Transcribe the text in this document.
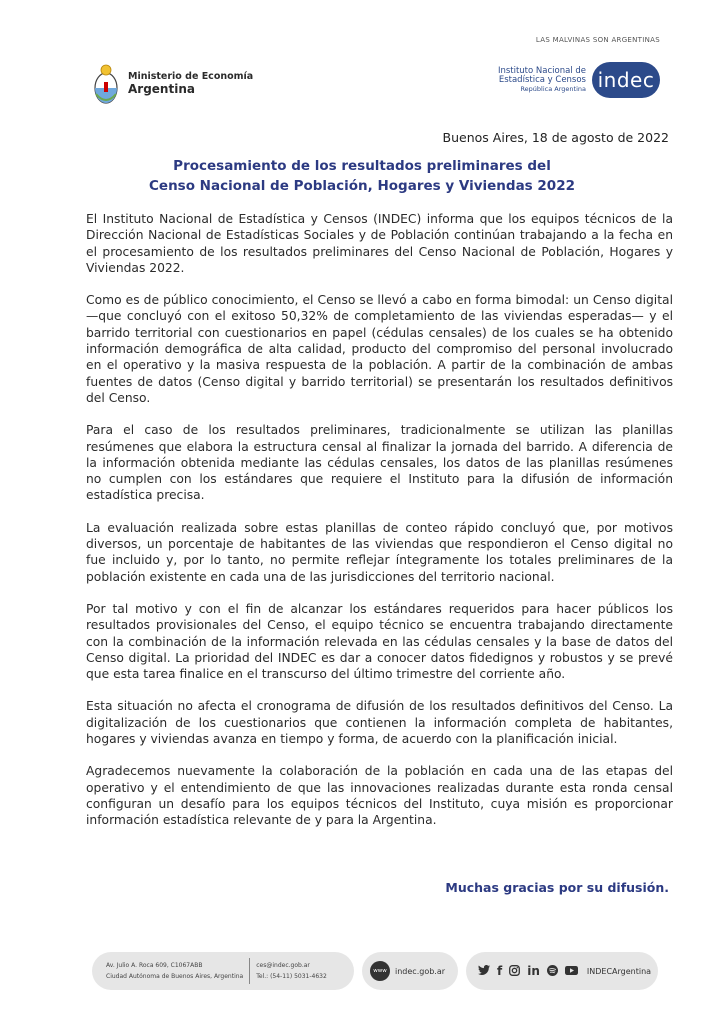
LAS MALVINAS SON ARGENTINAS
Ministerio de Economía
Argentina
Instituto Nacional de
Estadística y Censos
República Argentina indec
Buenos Aires, 18 de agosto de 2022
Procesamiento de los resultados preliminares del
Censo Nacional de Población, Hogares y Viviendas 2022

El Instituto Nacional de Estadística y Censos (INDEC) informa que los equipos técnicos de la Dirección Nacional de Estadísticas Sociales y de Población continúan trabajando a la fecha en el procesamiento de los resultados preliminares del Censo Nacional de Población, Hogares y Viviendas 2022.

Como es de público conocimiento, el Censo se llevó a cabo en forma bimodal: un Censo digital —que concluyó con el exitoso 50,32% de completamiento de las viviendas esperadas— y el barrido territorial con cuestionarios en papel (cédulas censales) de los cuales se ha obtenido información demográfica de alta calidad, producto del compromiso del personal involucrado en el operativo y la masiva respuesta de la población. A partir de la combinación de ambas fuentes de datos (Censo digital y barrido territorial) se presentarán los resultados definitivos del Censo.

Para el caso de los resultados preliminares, tradicionalmente se utilizan las planillas resúmenes que elabora la estructura censal al finalizar la jornada del barrido. A diferencia de la información obtenida mediante las cédulas censales, los datos de las planillas resúmenes no cumplen con los estándares que requiere el Instituto para la difusión de información estadística precisa.

La evaluación realizada sobre estas planillas de conteo rápido concluyó que, por motivos diversos, un porcentaje de habitantes de las viviendas que respondieron el Censo digital no fue incluido y, por lo tanto, no permite reflejar íntegramente los totales preliminares de la población existente en cada una de las jurisdicciones del territorio nacional.

Por tal motivo y con el fin de alcanzar los estándares requeridos para hacer públicos los resultados provisionales del Censo, el equipo técnico se encuentra trabajando directamente con la combinación de la información relevada en las cédulas censales y la base de datos del Censo digital. La prioridad del INDEC es dar a conocer datos fidedignos y robustos y se prevé que esta tarea finalice en el transcurso del último trimestre del corriente año.

Esta situación no afecta el cronograma de difusión de los resultados definitivos del Censo. La digitalización de los cuestionarios que contienen la información completa de habitantes, hogares y viviendas avanza en tiempo y forma, de acuerdo con la planificación inicial.

Agradecemos nuevamente la colaboración de la población en cada una de las etapas del operativo y el entendimiento de que las innovaciones realizadas durante esta ronda censal configuran un desafío para los equipos técnicos del Instituto, cuya misión es proporcionar información estadística relevante de y para la Argentina.

Muchas gracias por su difusión.
Av. Julio A. Roca 609, C1067ABB
Ciudad Autónoma de Buenos Aires, Argentina
ces@indec.gob.ar
Tel.: (54-11) 5031-4632
www	indec.gob.ar	f in	INDECArgentina
